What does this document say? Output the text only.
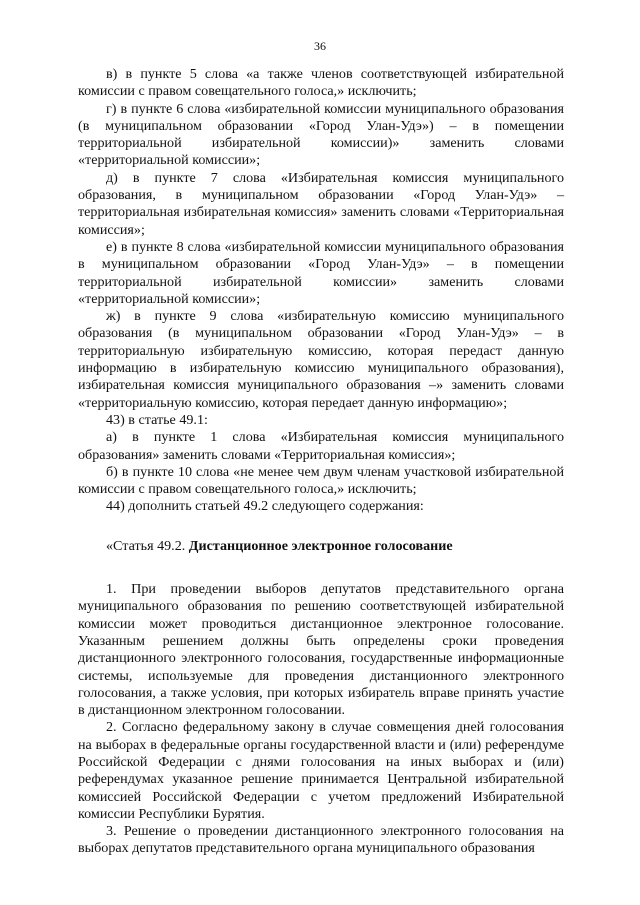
36

в) в пункте 5 слова «а также членов соответствующей избирательной комиссии с правом совещательного голоса,» исключить;

г) в пункте 6 слова «избирательной комиссии муниципального образования (в муниципальном образовании «Город Улан-Удэ») – в помещении территориальной избирательной комиссии)» заменить словами «территориальной комиссии»;

д) в пункте 7 слова «Избирательная комиссия муниципального образования, в муниципальном образовании «Город Улан-Удэ» – территориальная избирательная комиссия» заменить словами «Территориальная комиссия»;

е) в пункте 8 слова «избирательной комиссии муниципального образования в муниципальном образовании «Город Улан-Удэ» – в помещении территориальной избирательной комиссии» заменить словами «территориальной комиссии»;

ж) в пункте 9 слова «избирательную комиссию муниципального образования (в муниципальном образовании «Город Улан-Удэ» – в территориальную избирательную комиссию, которая передаст данную информацию в избирательную комиссию муниципального образования), избирательная комиссия муниципального образования –» заменить словами «территориальную комиссию, которая передает данную информацию»;

43) в статье 49.1:

а) в пункте 1 слова «Избирательная комиссия муниципального образования» заменить словами «Территориальная комиссия»;

б) в пункте 10 слова «не менее чем двум членам участковой избирательной комиссии с правом совещательного голоса,» исключить;

44) дополнить статьей 49.2 следующего содержания:

«Статья 49.2. Дистанционное электронное голосование

1. При проведении выборов депутатов представительного органа муниципального образования по решению соответствующей избирательной комиссии может проводиться дистанционное электронное голосование. Указанным решением должны быть определены сроки проведения дистанционного электронного голосования, государственные информационные системы, используемые для проведения дистанционного электронного голосования, а также условия, при которых избиратель вправе принять участие в дистанционном электронном голосовании.

2. Согласно федеральному закону в случае совмещения дней голосования на выборах в федеральные органы государственной власти и (или) референдуме Российской Федерации с днями голосования на иных выборах и (или) референдумах указанное решение принимается Центральной избирательной комиссией Российской Федерации с учетом предложений Избирательной комиссии Республики Бурятия.

3. Решение о проведении дистанционного электронного голосования на выборах депутатов представительного органа муниципального образования
